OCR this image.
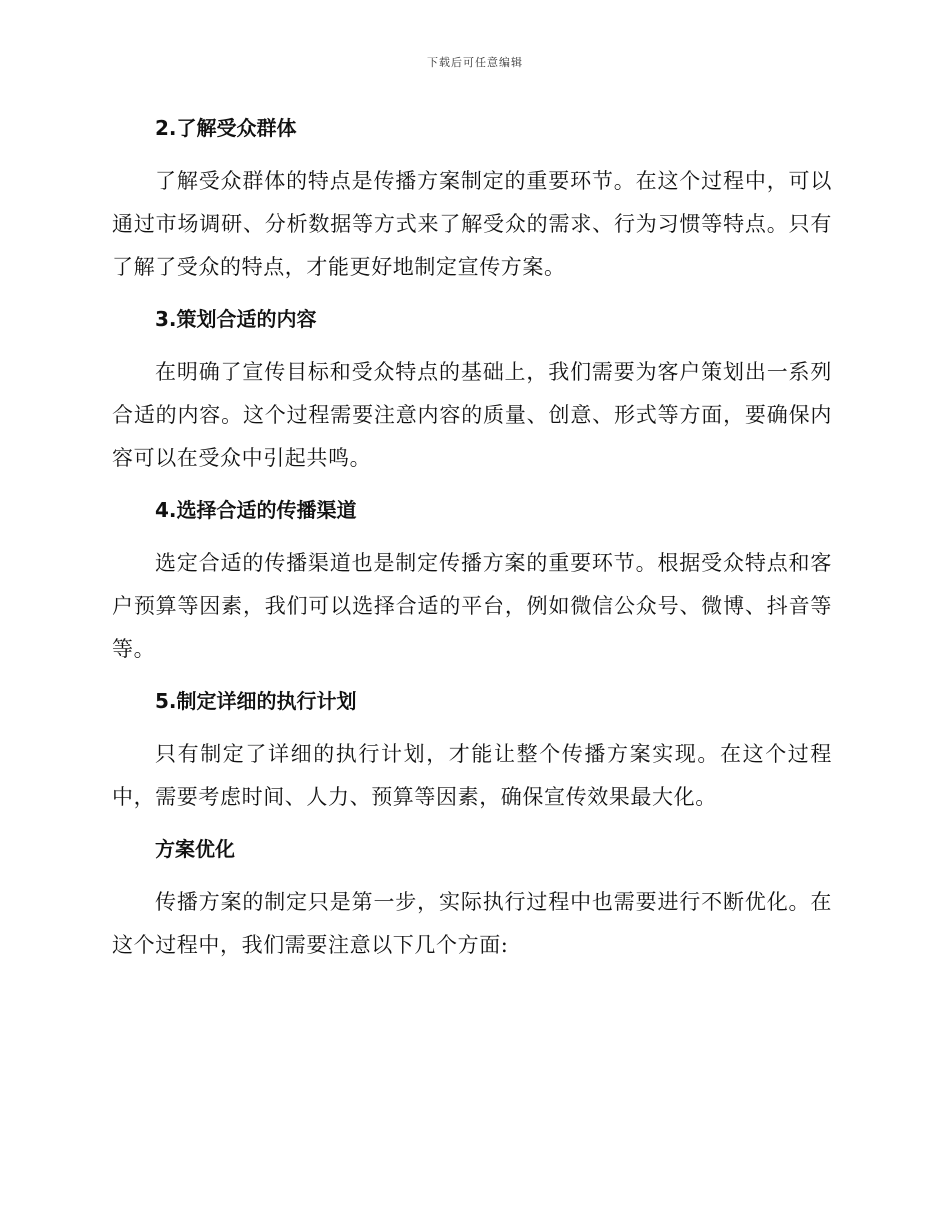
下载后可任意编辑
2.了解受众群体

了解受众群体的特点是传播方案制定的重要环节。在这个过程中，可以通过市场调研、分析数据等方式来了解受众的需求、行为习惯等特点。只有了解了受众的特点，才能更好地制定宣传方案。

3.策划合适的内容

在明确了宣传目标和受众特点的基础上，我们需要为客户策划出一系列合适的内容。这个过程需要注意内容的质量、创意、形式等方面，要确保内容可以在受众中引起共鸣。

4.选择合适的传播渠道

选定合适的传播渠道也是制定传播方案的重要环节。根据受众特点和客户预算等因素，我们可以选择合适的平台，例如微信公众号、微博、抖音等等。

5.制定详细的执行计划

只有制定了详细的执行计划，才能让整个传播方案实现。在这个过程中，需要考虑时间、人力、预算等因素，确保宣传效果最大化。

方案优化

传播方案的制定只是第一步，实际执行过程中也需要进行不断优化。在这个过程中，我们需要注意以下几个方面:
